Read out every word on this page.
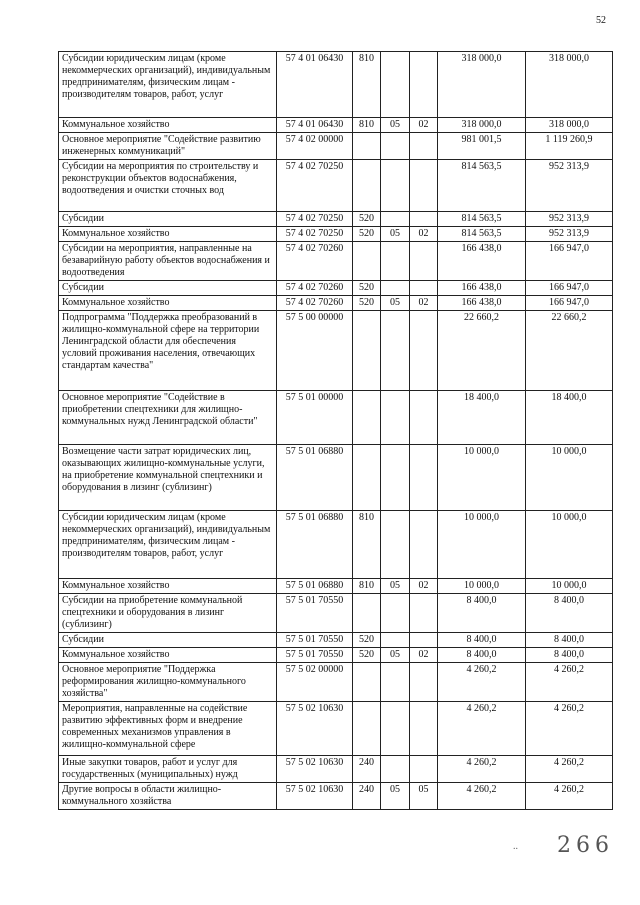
52
Субсидии юридическим лицам (кроме некоммерческих организаций), индивидуальным предпринимателям, физическим лицам - производителям товаров, работ, услуг	57 4 01 06430	810			318 000,0	318 000,0
Коммунальное хозяйство	57 4 01 06430	810	05	02	318 000,0	318 000,0
Основное мероприятие "Содействие развитию инженерных коммуникаций"	57 4 02 00000				981 001,5	1 119 260,9
Субсидии на мероприятия по строительству и реконструкции объектов водоснабжения, водоотведения и очистки сточных вод	57 4 02 70250				814 563,5	952 313,9
Субсидии	57 4 02 70250	520			814 563,5	952 313,9
Коммунальное хозяйство	57 4 02 70250	520	05	02	814 563,5	952 313,9
Субсидии на мероприятия, направленные на безаварийную работу объектов водоснабжения и водоотведения	57 4 02 70260				166 438,0	166 947,0
Субсидии	57 4 02 70260	520			166 438,0	166 947,0
Коммунальное хозяйство	57 4 02 70260	520	05	02	166 438,0	166 947,0
Подпрограмма "Поддержка преобразований в жилищно-коммунальной сфере на территории Ленинградской области для обеспечения условий проживания населения, отвечающих стандартам качества"	57 5 00 00000				22 660,2	22 660,2
Основное мероприятие "Содействие в приобретении спецтехники для жилищно-коммунальных нужд Ленинградской области"	57 5 01 00000				18 400,0	18 400,0
Возмещение части затрат юридических лиц, оказывающих жилищно-коммунальные услуги, на приобретение коммунальной спецтехники и оборудования в лизинг (сублизинг)	57 5 01 06880				10 000,0	10 000,0
Субсидии юридическим лицам (кроме некоммерческих организаций), индивидуальным предпринимателям, физическим лицам - производителям товаров, работ, услуг	57 5 01 06880	810			10 000,0	10 000,0
Коммунальное хозяйство	57 5 01 06880	810	05	02	10 000,0	10 000,0
Субсидии на приобретение коммунальной спецтехники и оборудования в лизинг (сублизинг)	57 5 01 70550				8 400,0	8 400,0
Субсидии	57 5 01 70550	520			8 400,0	8 400,0
Коммунальное хозяйство	57 5 01 70550	520	05	02	8 400,0	8 400,0
Основное мероприятие "Поддержка реформирования жилищно-коммунального хозяйства"	57 5 02 00000				4 260,2	4 260,2
Мероприятия, направленные на содействие развитию эффективных форм и внедрение современных механизмов управления в жилищно-коммунальной сфере	57 5 02 10630				4 260,2	4 260,2
Иные закупки товаров, работ и услуг для государственных (муниципальных) нужд	57 5 02 10630	240			4 260,2	4 260,2
Другие вопросы в области жилищно-коммунального хозяйства	57 5 02 10630	240	05	05	4 260,2	4 260,2
.. 266
